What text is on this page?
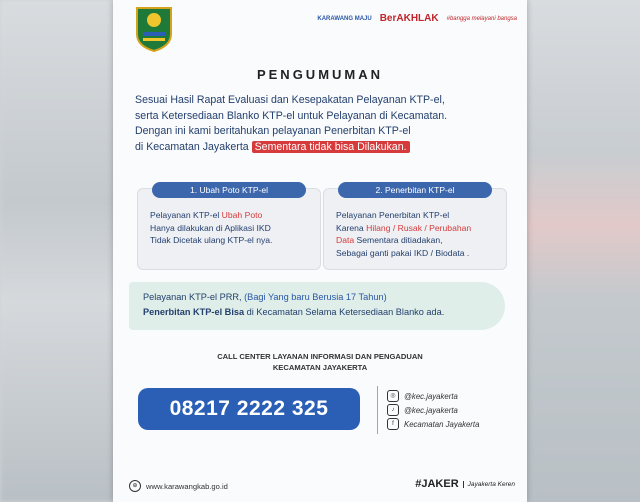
KARAWANG MAJU BerAKHLAK #bangga melayani bangsa
PENGUMUMAN
Sesuai Hasil Rapat Evaluasi dan Kesepakatan Pelayanan KTP-el,
serta Ketersediaan Blanko KTP-el untuk Pelayanan di Kecamatan.
Dengan ini kami beritahukan pelayanan Penerbitan KTP-el
di Kecamatan Jayakerta Sementara tidak bisa Dilakukan.
1. Ubah Poto KTP-el
Pelayanan KTP-el Ubah Poto
Hanya dilakukan di Aplikasi IKD
Tidak Dicetak ulang KTP-el nya.
2. Penerbitan KTP-el
Pelayanan Penerbitan KTP-el
Karena Hilang / Rusak / Perubahan
Data Sementara ditiadakan,
Sebagai ganti pakai IKD / Biodata .
Pelayanan KTP-el PRR, (Bagi Yang baru Berusia 17 Tahun)
Penerbitan KTP-el Bisa di Kecamatan Selama Ketersediaan Blanko ada.
CALL CENTER LAYANAN INFORMASI DAN PENGADUAN
KECAMATAN JAYAKERTA
08217 2222 325
◎	@kec.jayakerta
♪	@kec.jayakerta
f	Kecamatan Jayakerta
⊕	www.karawangkab.go.id	#JAKER	Jayakerta Keren
